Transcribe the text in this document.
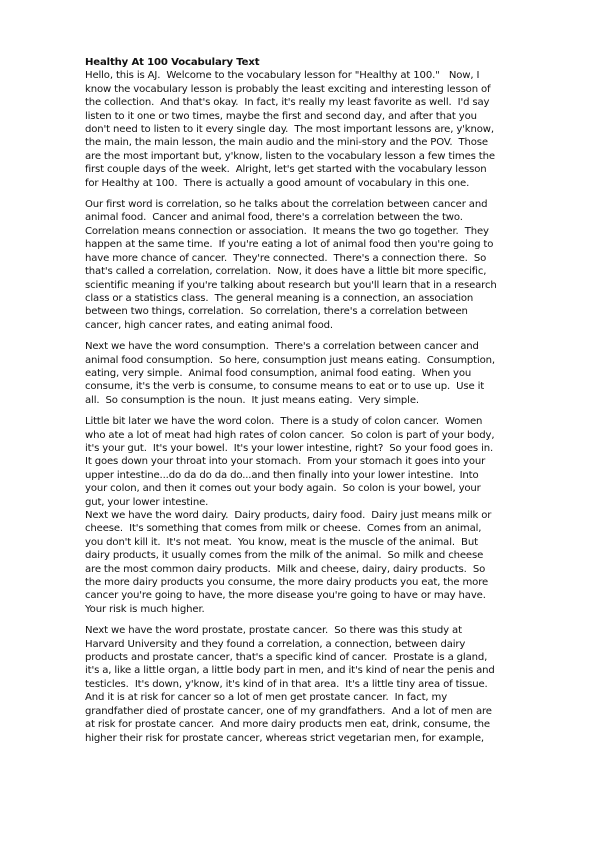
Healthy At 100 Vocabulary Text
Hello, this is AJ.  Welcome to the vocabulary lesson for "Healthy at 100."   Now, I
know the vocabulary lesson is probably the least exciting and interesting lesson of
the collection.  And that's okay.  In fact, it's really my least favorite as well.  I'd say
listen to it one or two times, maybe the first and second day, and after that you
don't need to listen to it every single day.  The most important lessons are, y'know,
the main, the main lesson, the main audio and the mini-story and the POV.  Those
are the most important but, y'know, listen to the vocabulary lesson a few times the
first couple days of the week.  Alright, let's get started with the vocabulary lesson
for Healthy at 100.  There is actually a good amount of vocabulary in this one.
Our first word is correlation, so he talks about the correlation between cancer and
animal food.  Cancer and animal food, there's a correlation between the two.
Correlation means connection or association.  It means the two go together.  They
happen at the same time.  If you're eating a lot of animal food then you're going to
have more chance of cancer.  They're connected.  There's a connection there.  So
that's called a correlation, correlation.  Now, it does have a little bit more specific,
scientific meaning if you're talking about research but you'll learn that in a research
class or a statistics class.  The general meaning is a connection, an association
between two things, correlation.  So correlation, there's a correlation between
cancer, high cancer rates, and eating animal food.
Next we have the word consumption.  There's a correlation between cancer and
animal food consumption.  So here, consumption just means eating.  Consumption,
eating, very simple.  Animal food consumption, animal food eating.  When you
consume, it's the verb is consume, to consume means to eat or to use up.  Use it
all.  So consumption is the noun.  It just means eating.  Very simple.
Little bit later we have the word colon.  There is a study of colon cancer.  Women
who ate a lot of meat had high rates of colon cancer.  So colon is part of your body,
it's your gut.  It's your bowel.  It's your lower intestine, right?  So your food goes in.
It goes down your throat into your stomach.  From your stomach it goes into your
upper intestine...do da do da do...and then finally into your lower intestine.  Into
your colon, and then it comes out your body again.  So colon is your bowel, your
gut, your lower intestine.
Next we have the word dairy.  Dairy products, dairy food.  Dairy just means milk or
cheese.  It's something that comes from milk or cheese.  Comes from an animal,
you don't kill it.  It's not meat.  You know, meat is the muscle of the animal.  But
dairy products, it usually comes from the milk of the animal.  So milk and cheese
are the most common dairy products.  Milk and cheese, dairy, dairy products.  So
the more dairy products you consume, the more dairy products you eat, the more
cancer you're going to have, the more disease you're going to have or may have.
Your risk is much higher.
Next we have the word prostate, prostate cancer.  So there was this study at
Harvard University and they found a correlation, a connection, between dairy
products and prostate cancer, that's a specific kind of cancer.  Prostate is a gland,
it's a, like a little organ, a little body part in men, and it's kind of near the penis and
testicles.  It's down, y'know, it's kind of in that area.  It's a little tiny area of tissue.
And it is at risk for cancer so a lot of men get prostate cancer.  In fact, my
grandfather died of prostate cancer, one of my grandfathers.  And a lot of men are
at risk for prostate cancer.  And more dairy products men eat, drink, consume, the
higher their risk for prostate cancer, whereas strict vegetarian men, for example,
